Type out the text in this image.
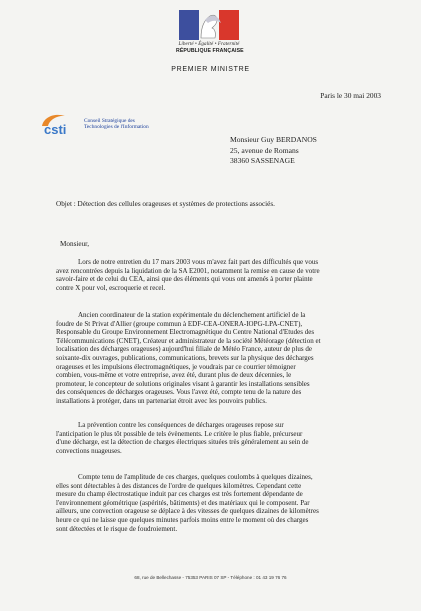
Liberté • Égalité • Fraternité
RÉPUBLIQUE FRANÇAISE
PREMIER MINISTRE
Paris le 30 mai 2003
csti
Conseil Stratégique des
Technologies de l'Information
Monsieur Guy BERDANOS
25, avenue de Romans
38360 SASSENAGE
Objet : Détection des cellules orageuses et systèmes de protections associés.
Monsieur,
Lors de notre entretien du 17 mars 2003 vous m'avez fait part des difficultés que vous
avez rencontrées depuis la liquidation de la SA E2001, notamment la remise en cause de votre
savoir-faire et de celui du CEA, ainsi que des éléments qui vous ont amenés à porter plainte
contre X pour vol, escroquerie et recel.
Ancien coordinateur de la station expérimentale du déclenchement artificiel de la
foudre de St Privat d'Allier (groupe commun à EDF-CEA-ONERA-IOPG-LPA-CNET),
Responsable du Groupe Environnement Electromagnétique du Centre National d'Etudes des
Télécommunications (CNET), Créateur et administrateur de la société Météorage (détection et
localisation des décharges orageuses) aujourd'hui filiale de Météo France, auteur de plus de
soixante-dix ouvrages, publications, communications, brevets sur la physique des décharges
orageuses et les impulsions électromagnétiques, je voudrais par ce courrier témoigner
combien, vous-même et votre entreprise, avez été, durant plus de deux décennies, le
promoteur, le concepteur de solutions originales visant à garantir les installations sensibles
des conséquences de décharges orageuses. Vous l'avez été, compte tenu de la nature des
installations à protéger, dans un partenariat étroit avec les pouvoirs publics.
La prévention contre les conséquences de décharges orageuses repose sur
l'anticipation le plus tôt possible de tels évènements. Le critère le plus fiable, précurseur
d'une décharge, est la détection de charges électriques situées très généralement au sein de
convections nuageuses.
Compte tenu de l'amplitude de ces charges, quelques coulombs à quelques dizaines,
elles sont détectables à des distances de l'ordre de quelques kilomètres. Cependant cette
mesure du champ électrostatique induit par ces charges est très fortement dépendante de
l'environnement géométrique (aspérités, bâtiments) et des matériaux qui le composent. Par
ailleurs, une convection orageuse se déplace à des vitesses de quelques dizaines de kilomètres
heure ce qui ne laisse que quelques minutes parfois moins entre le moment où des charges
sont détectées et le risque de foudroiement.
68, rue de Bellechasse - 75353 PARIS 07 SP - Téléphone : 01 43 19 76 76
